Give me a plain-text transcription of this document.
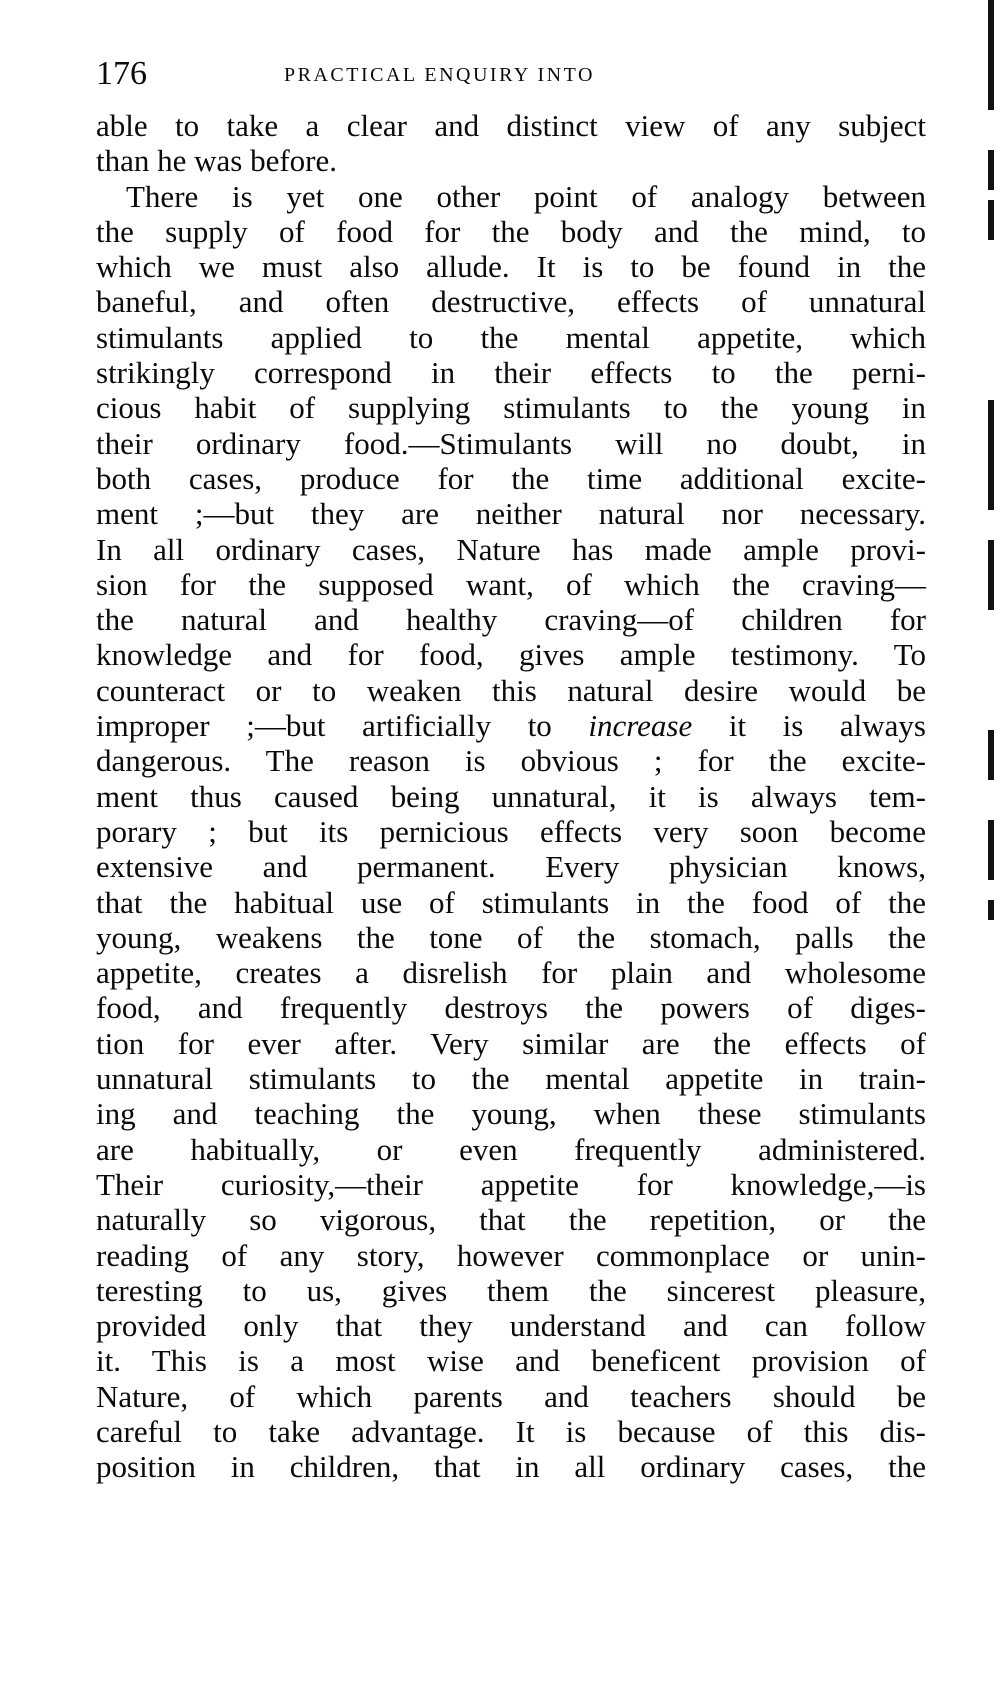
176	PRACTICAL ENQUIRY INTO
able to take a clear and distinct view of any subject
than he was before.
There is yet one other point of analogy between
the supply of food for the body and the mind, to
which we must also allude. It is to be found in the
baneful, and often destructive, effects of unnatural
stimulants applied to the mental appetite, which
strikingly correspond in their effects to the perni-
cious habit of supplying stimulants to the young in
their ordinary food.—Stimulants will no doubt, in
both cases, produce for the time additional excite-
ment ;—but they are neither natural nor necessary.
In all ordinary cases, Nature has made ample provi-
sion for the supposed want, of which the craving—
the natural and healthy craving—of children for
knowledge and for food, gives ample testimony. To
counteract or to weaken this natural desire would be
improper ;—but artificially to increase it is always
dangerous. The reason is obvious ; for the excite-
ment thus caused being unnatural, it is always tem-
porary ; but its pernicious effects very soon become
extensive and permanent. Every physician knows,
that the habitual use of stimulants in the food of the
young, weakens the tone of the stomach, palls the
appetite, creates a disrelish for plain and wholesome
food, and frequently destroys the powers of diges-
tion for ever after. Very similar are the effects of
unnatural stimulants to the mental appetite in train-
ing and teaching the young, when these stimulants
are habitually, or even frequently administered.
Their curiosity,—their appetite for knowledge,—is
naturally so vigorous, that the repetition, or the
reading of any story, however commonplace or unin-
teresting to us, gives them the sincerest pleasure,
provided only that they understand and can follow
it. This is a most wise and beneficent provision of
Nature, of which parents and teachers should be
careful to take advantage. It is because of this dis-
position in children, that in all ordinary cases, the
